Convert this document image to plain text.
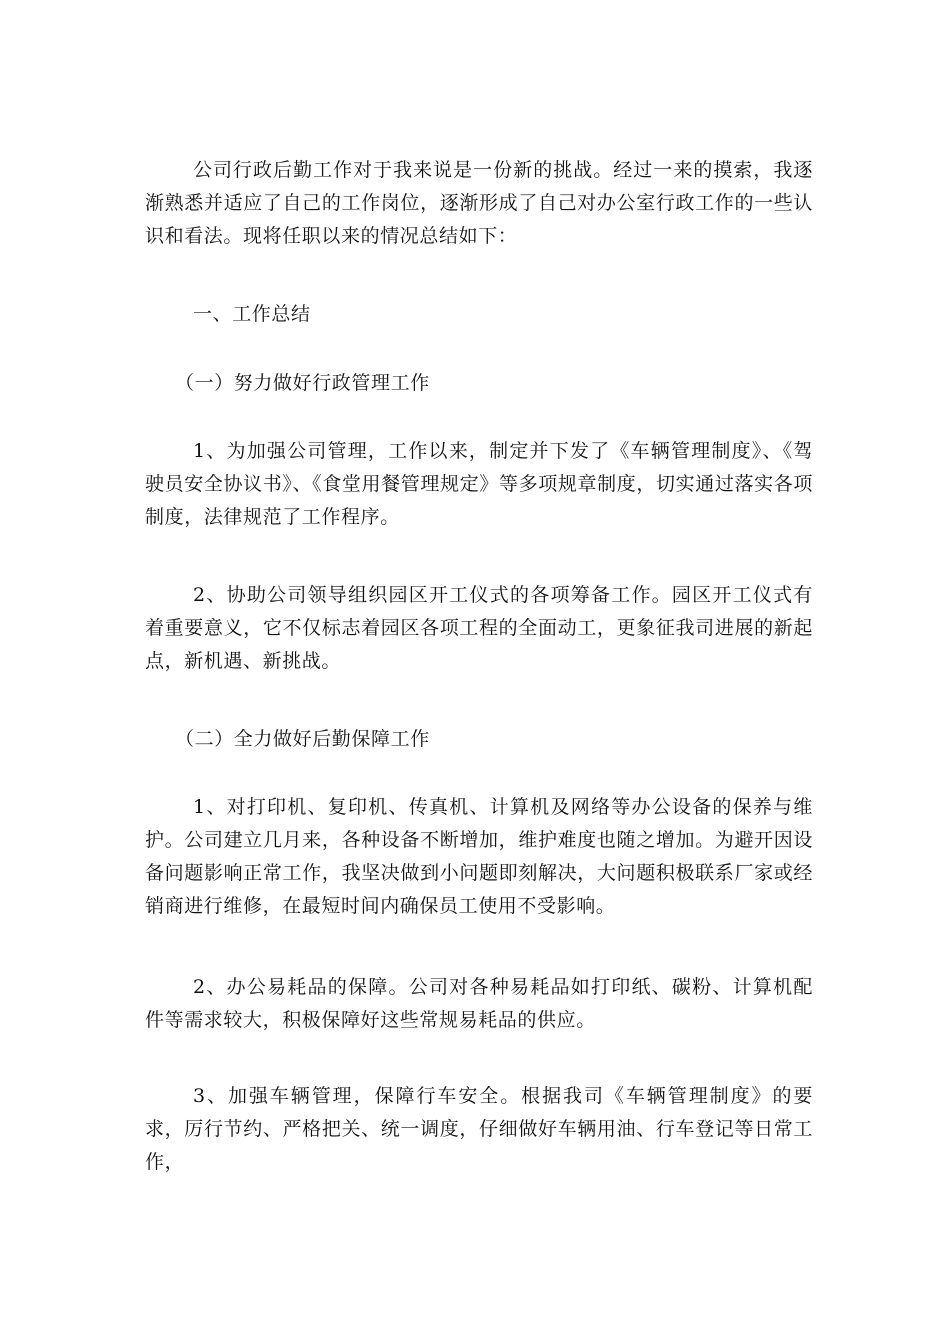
公司行政后勤工作对于我来说是一份新的挑战。经过一来的摸索，我逐渐熟悉并适应了自己的工作岗位，逐渐形成了自己对办公室行政工作的一些认识和看法。现将任职以来的情况总结如下：

一、工作总结

（一）努力做好行政管理工作

1、为加强公司管理，工作以来，制定并下发了《车辆管理制度》、《驾驶员安全协议书》、《食堂用餐管理规定》等多项规章制度，切实通过落实各项制度，法律规范了工作程序。

2、协助公司领导组织园区开工仪式的各项筹备工作。园区开工仪式有着重要意义，它不仅标志着园区各项工程的全面动工，更象征我司进展的新起点，新机遇、新挑战。

（二）全力做好后勤保障工作

1、对打印机、复印机、传真机、计算机及网络等办公设备的保养与维护。公司建立几月来，各种设备不断增加，维护难度也随之增加。为避开因设备问题影响正常工作，我坚决做到小问题即刻解决，大问题积极联系厂家或经销商进行维修，在最短时间内确保员工使用不受影响。

2、办公易耗品的保障。公司对各种易耗品如打印纸、碳粉、计算机配件等需求较大，积极保障好这些常规易耗品的供应。

3、加强车辆管理，保障行车安全。根据我司《车辆管理制度》的要求，厉行节约、严格把关、统一调度，仔细做好车辆用油、行车登记等日常工作，
